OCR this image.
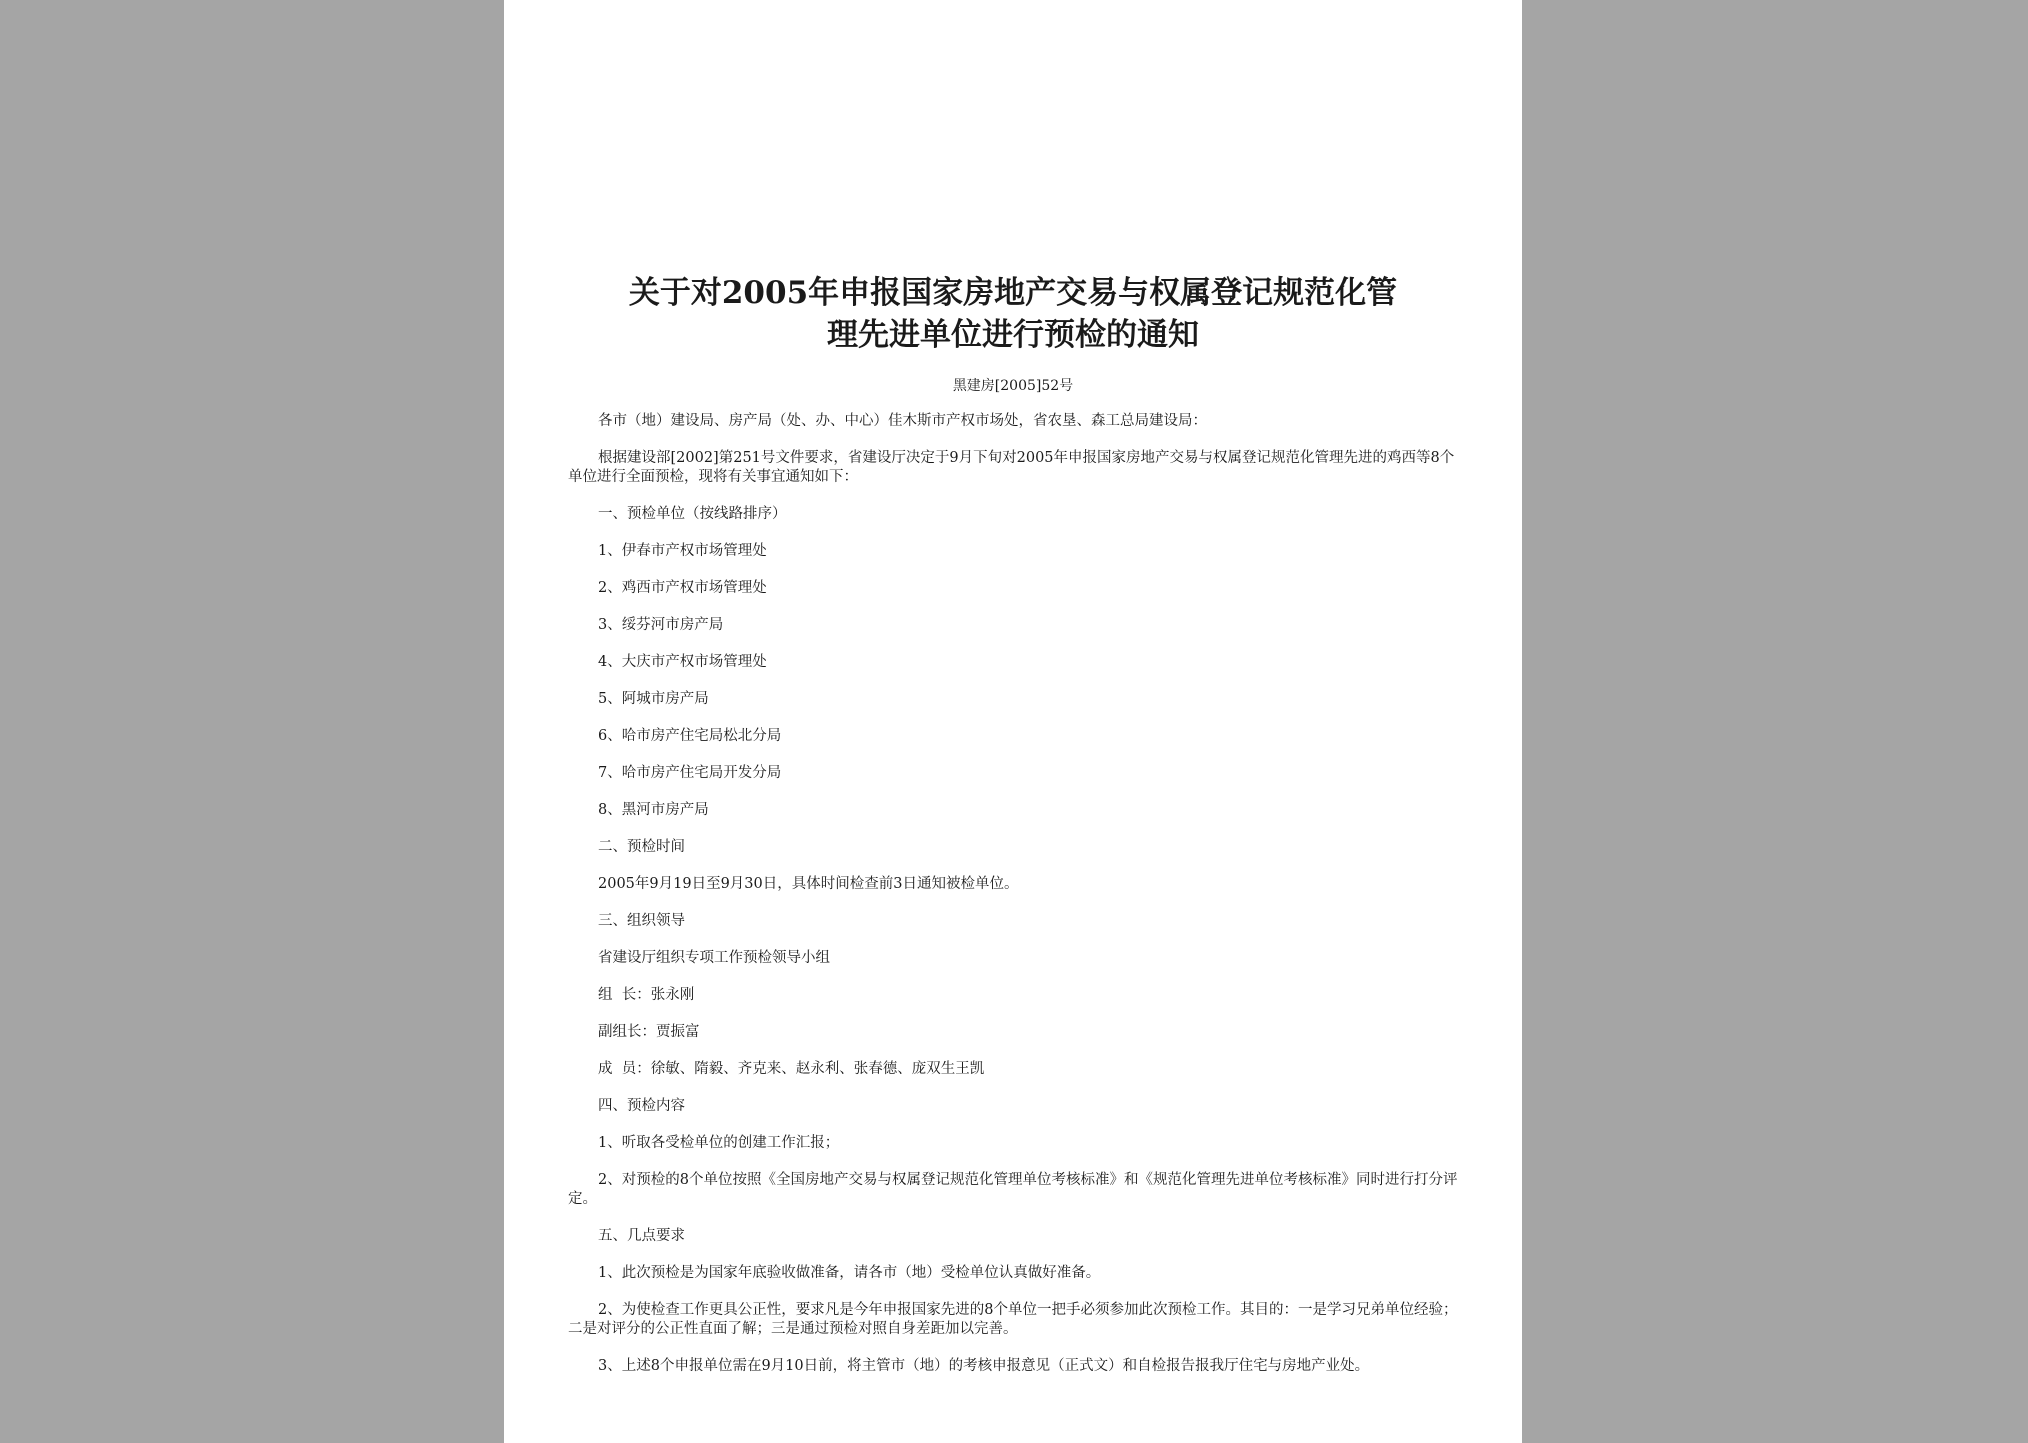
关于对2005年申报国家房地产交易与权属登记规范化管
理先进单位进行预检的通知

黑建房[2005]52号

各市（地）建设局、房产局（处、办、中心）佳木斯市产权市场处，省农垦、森工总局建设局：

根据建设部[2002]第251号文件要求，省建设厅决定于9月下旬对2005年申报国家房地产交易与权属登记规范化管理先进的鸡西等8个单位进行全面预检，现将有关事宜通知如下：

一、预检单位（按线路排序）

1、伊春市产权市场管理处

2、鸡西市产权市场管理处

3、绥芬河市房产局

4、大庆市产权市场管理处

5、阿城市房产局

6、哈市房产住宅局松北分局

7、哈市房产住宅局开发分局

8、黑河市房产局

二、预检时间

2005年9月19日至9月30日，具体时间检查前3日通知被检单位。

三、组织领导

省建设厅组织专项工作预检领导小组

组  长：张永刚

副组长：贾振富

成  员：徐敏、隋毅、齐克来、赵永利、张春德、庞双生王凯

四、预检内容

1、听取各受检单位的创建工作汇报；

2、对预检的8个单位按照《全国房地产交易与权属登记规范化管理单位考核标准》和《规范化管理先进单位考核标准》同时进行打分评定。

五、几点要求

1、此次预检是为国家年底验收做准备，请各市（地）受检单位认真做好准备。

2、为使检查工作更具公正性，要求凡是今年申报国家先进的8个单位一把手必须参加此次预检工作。其目的：一是学习兄弟单位经验；二是对评分的公正性直面了解；三是通过预检对照自身差距加以完善。

3、上述8个申报单位需在9月10日前，将主管市（地）的考核申报意见（正式文）和自检报告报我厅住宅与房地产业处。
